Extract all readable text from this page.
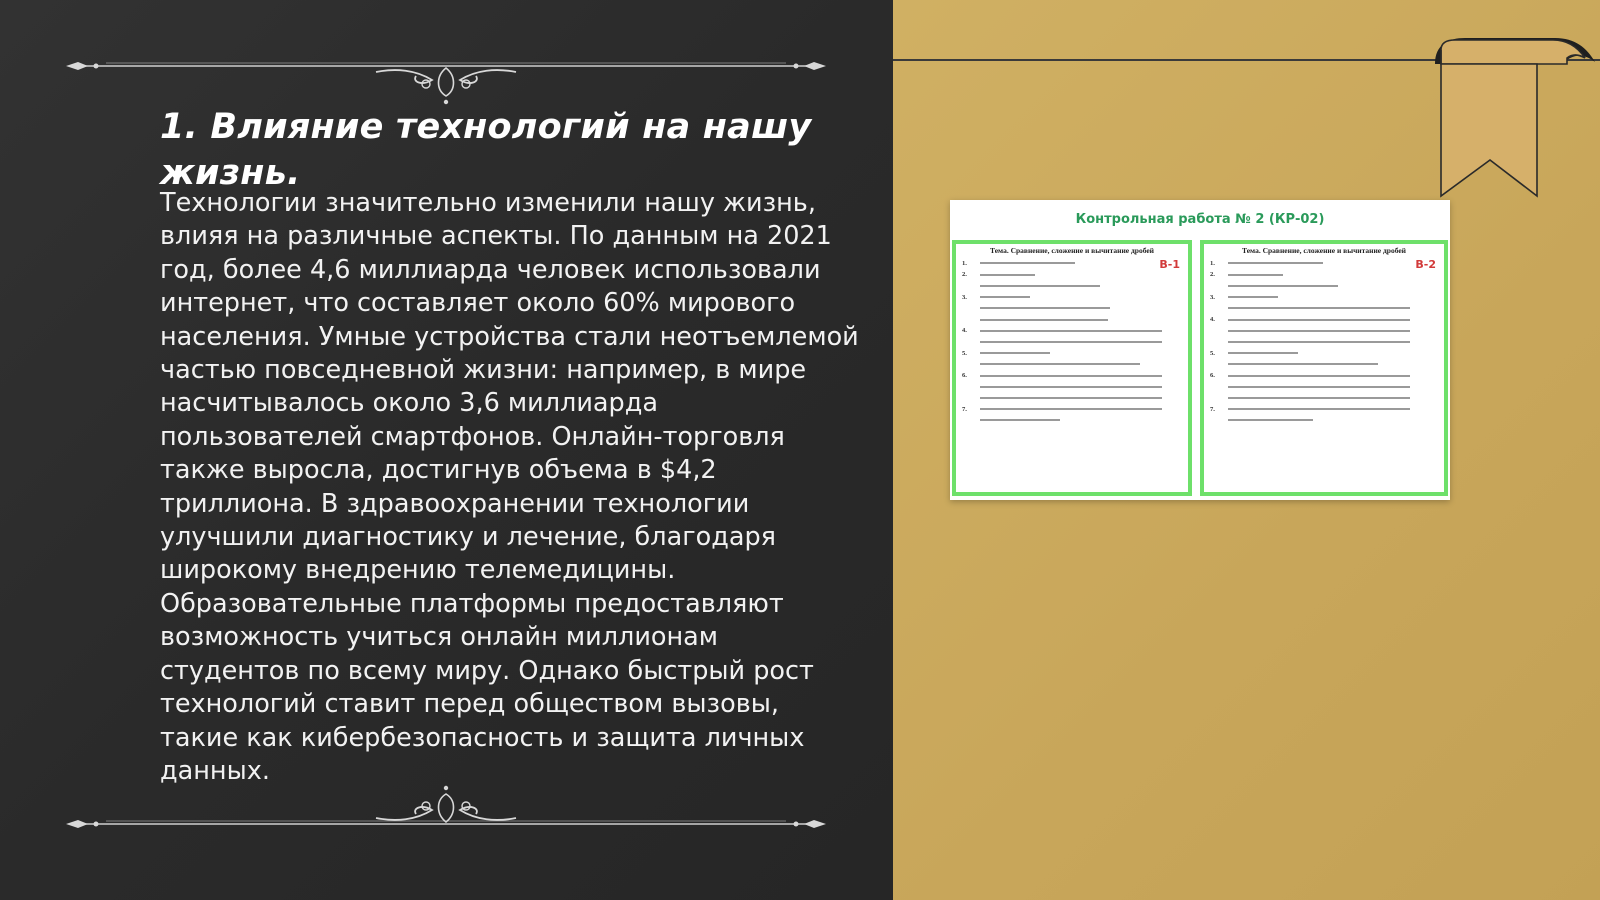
1. Влияние технологий на нашу жизнь.

Технологии значительно изменили нашу жизнь, влияя на различные аспекты. По данным на 2021 год, более 4,6 миллиарда человек использовали интернет, что составляет около 60% мирового населения. Умные устройства стали неотъемлемой частью повседневной жизни: например, в мире насчитывалось около 3,6 миллиарда пользователей смартфонов. Онлайн-торговля также выросла, достигнув объема в $4,2 триллиона. В здравоохранении технологии улучшили диагностику и лечение, благодаря широкому внедрению телемедицины. Образовательные платформы предоставляют возможность учиться онлайн миллионам студентов по всему миру. Однако быстрый рост технологий ставит перед обществом вызовы, такие как кибербезопасность и защита личных данных.

Контрольная работа № 2 (КР-02)
Тема. Сравнение, сложение и вычитание дробей
В-1
1.
2.
3.
4.
5.
6.
7.
Тема. Сравнение, сложение и вычитание дробей
В-2
1.
2.
3.
4.
5.
6.
7.
